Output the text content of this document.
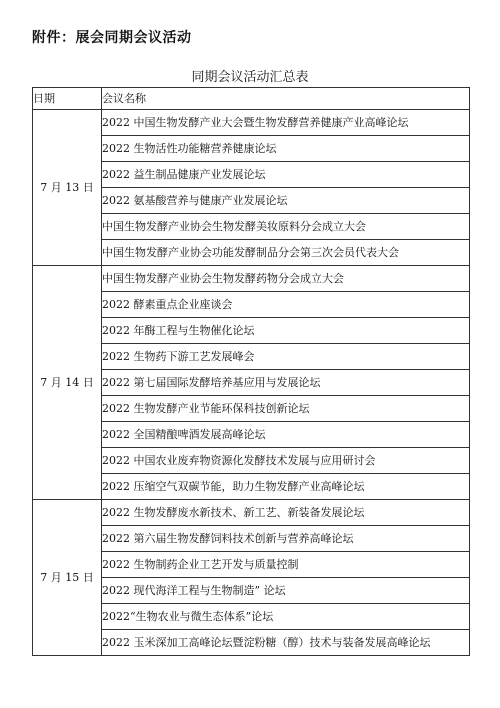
附件：展会同期会议活动
同期会议活动汇总表
日期	会议名称
7 月 13 日	2022 中国生物发酵产业大会暨生物发酵营养健康产业高峰论坛
	2022 生物活性功能糖营养健康论坛
	2022 益生制品健康产业发展论坛
	2022 氨基酸营养与健康产业发展论坛
	中国生物发酵产业协会生物发酵美妆原料分会成立大会
	中国生物发酵产业协会功能发酵制品分会第三次会员代表大会
7 月 14 日	中国生物发酵产业协会生物发酵药物分会成立大会
	2022 酵素重点企业座谈会
	2022 年酶工程与生物催化论坛
	2022 生物药下游工艺发展峰会
	2022 第七届国际发酵培养基应用与发展论坛
	2022 生物发酵产业节能环保科技创新论坛
	2022 全国精酿啤酒发展高峰论坛
	2022 中国农业废弃物资源化发酵技术发展与应用研讨会
	2022 压缩空气双碳节能，助力生物发酵产业高峰论坛
7 月 15 日	2022 生物发酵废水新技术、新工艺、新装备发展论坛
	2022 第六届生物发酵饲料技术创新与营养高峰论坛
	2022 生物制药企业工艺开发与质量控制
	2022 现代海洋工程与生物制造” 论坛
	2022“生物农业与微生态体系”论坛
	2022 玉米深加工高峰论坛暨淀粉糖（醇）技术与装备发展高峰论坛
